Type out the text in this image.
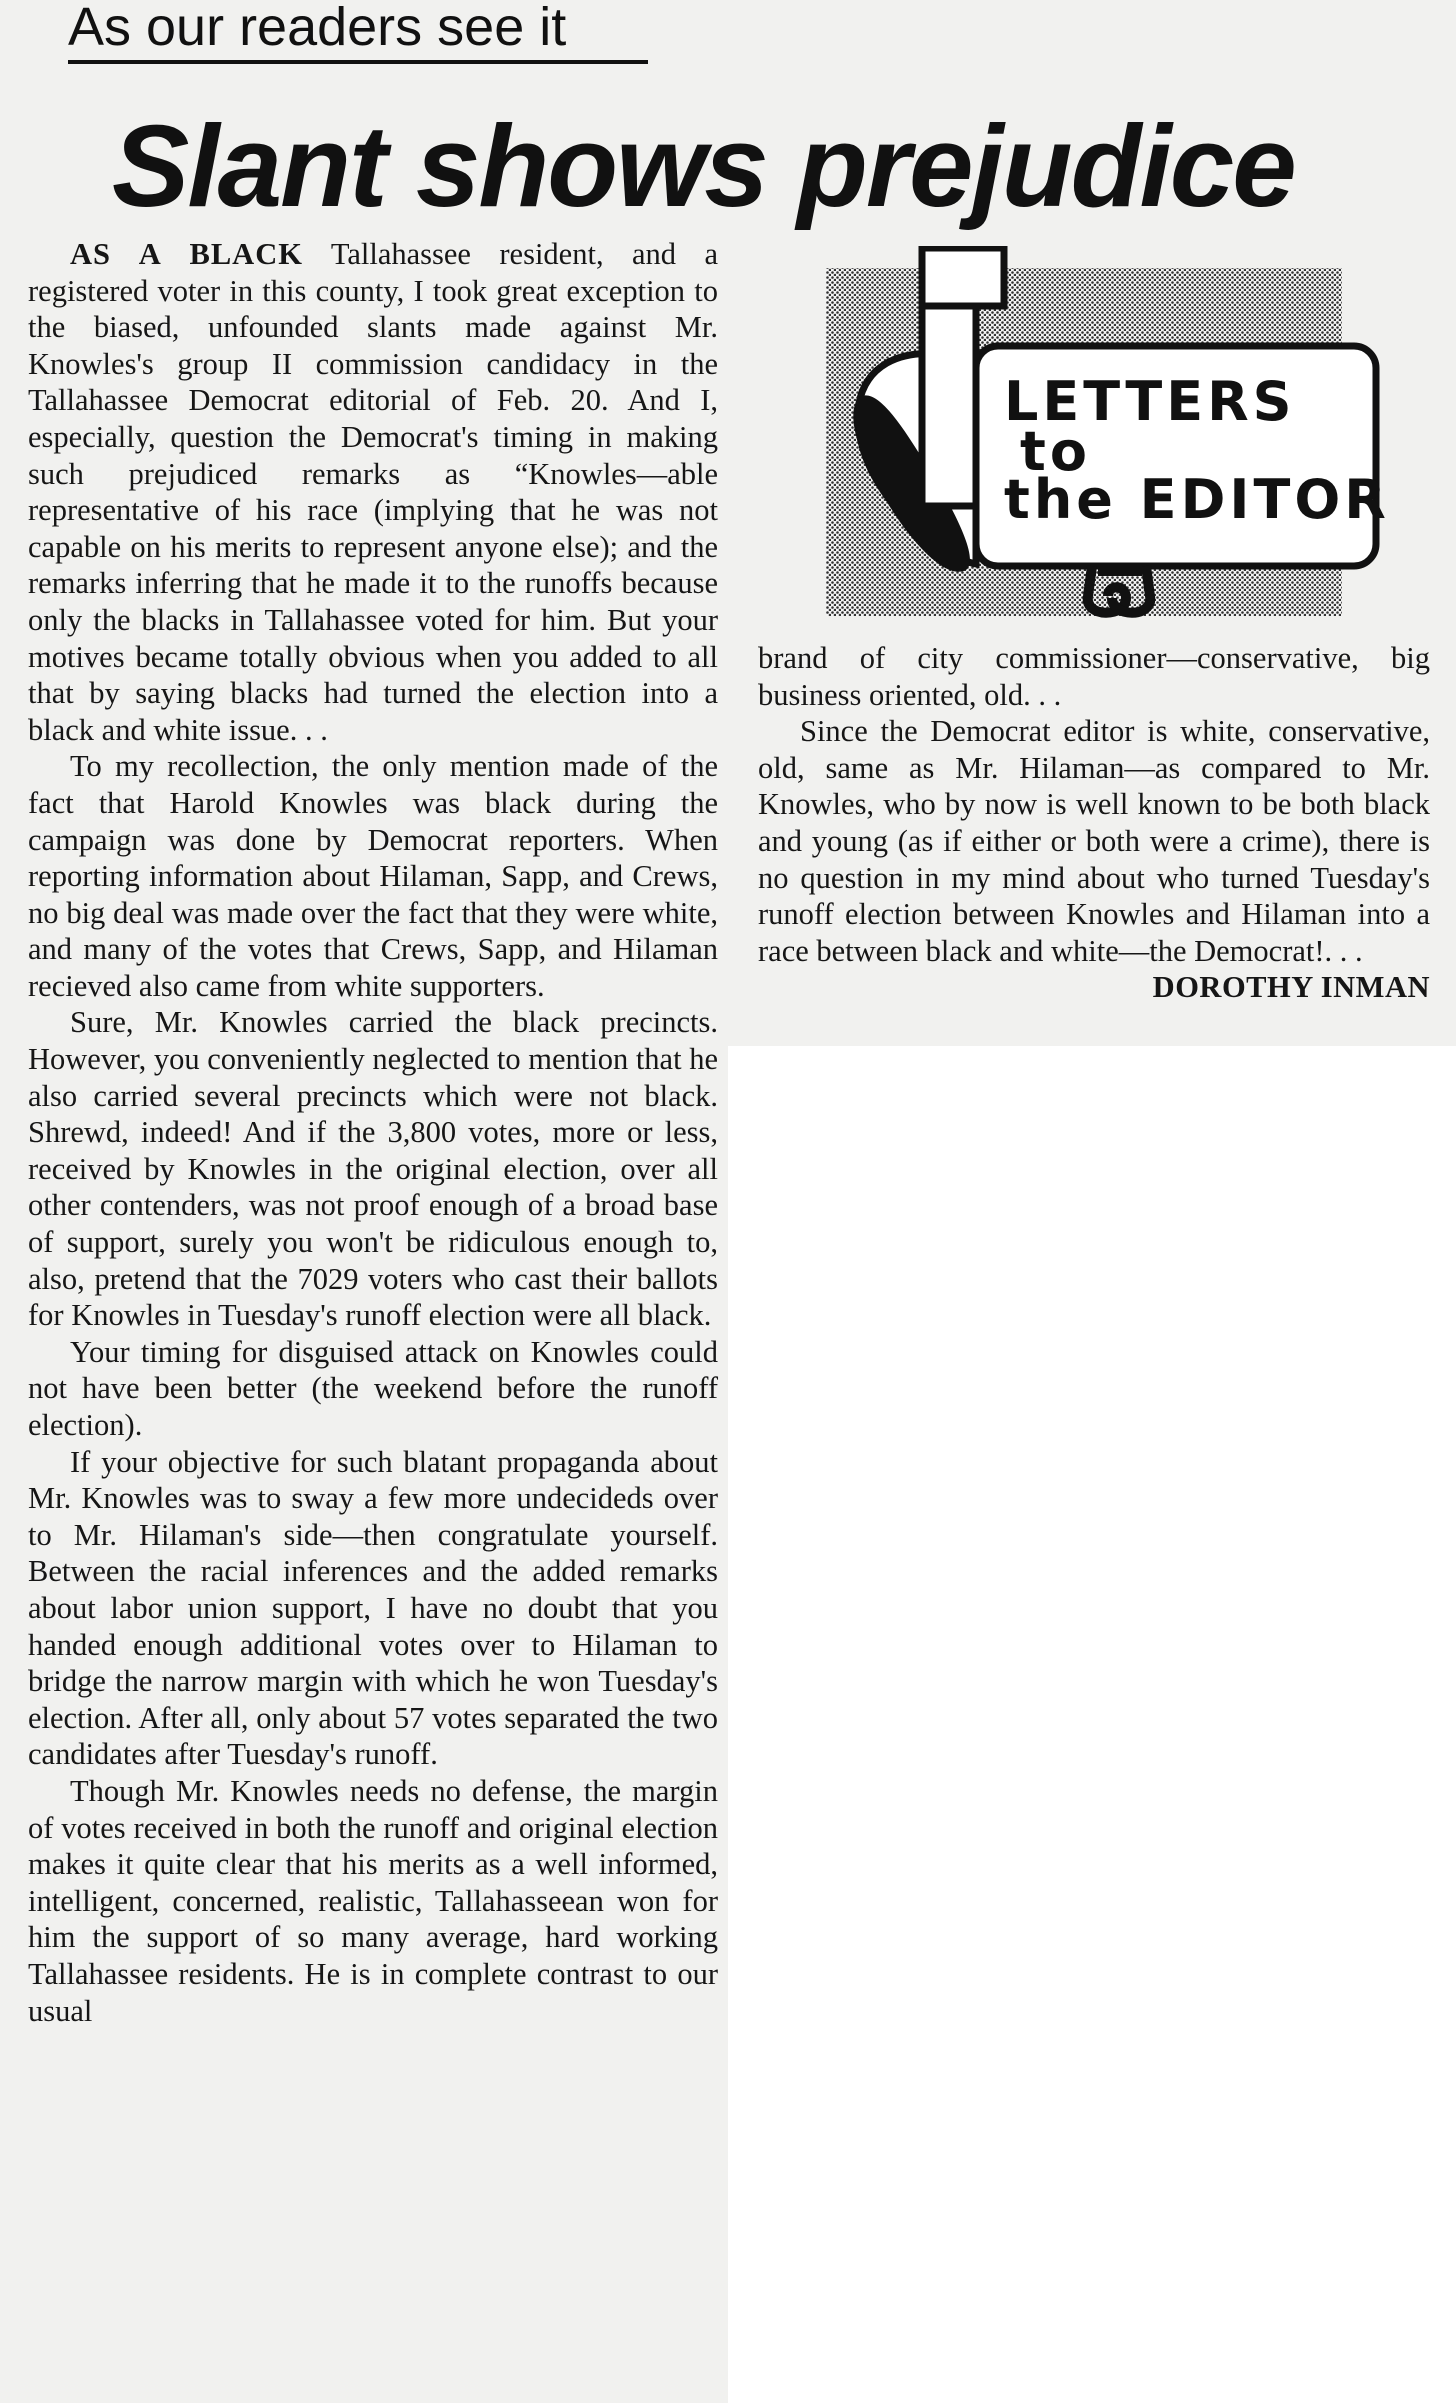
As our readers see it
Slant shows prejudice

AS A BLACK Tallahassee resident, and a registered voter in this county, I took great exception to the biased, unfounded slants made against Mr. Knowles's group II commission candidacy in the Tallahassee Democrat editorial of Feb. 20. And I, especially, question the Democrat's timing in making such prejudiced remarks as “Knowles—able representative of his race (implying that he was not capable on his merits to represent anyone else); and the remarks inferring that he made it to the runoffs because only the blacks in Tallahassee voted for him. But your motives became totally obvious when you added to all that by saying blacks had turned the election into a black and white issue. . .

To my recollection, the only mention made of the fact that Harold Knowles was black during the campaign was done by Democrat reporters. When reporting information about Hilaman, Sapp, and Crews, no big deal was made over the fact that they were white, and many of the votes that Crews, Sapp, and Hilaman recieved also came from white supporters.

Sure, Mr. Knowles carried the black precincts. However, you conveniently neglected to mention that he also carried several precincts which were not black. Shrewd, indeed! And if the 3,800 votes, more or less, received by Knowles in the original election, over all other contenders, was not proof enough of a broad base of support, surely you won't be ridiculous enough to, also, pretend that the 7029 voters who cast their ballots for Knowles in Tuesday's runoff election were all black.

Your timing for disguised attack on Knowles could not have been better (the weekend before the runoff election).

If your objective for such blatant propaganda about Mr. Knowles was to sway a few more undecideds over to Mr. Hilaman's side—then congratulate yourself. Between the racial inferences and the added remarks about labor union support, I have no doubt that you handed enough additional votes over to Hilaman to bridge the narrow margin with which he won Tuesday's election. After all, only about 57 votes separated the two candidates after Tuesday's runoff.

Though Mr. Knowles needs no defense, the margin of votes received in both the runoff and original election makes it quite clear that his merits as a well informed, intelligent, concerned, realistic, Tallahasseean won for him the support of so many average, hard working Tallahassee residents. He is in complete contrast to our usual

LETTERS
to
the EDITOR

brand of city commissioner—conservative, big business oriented, old. . .

Since the Democrat editor is white, conservative, old, same as Mr. Hilaman—as compared to Mr. Knowles, who by now is well known to be both black and young (as if either or both were a crime), there is no question in my mind about who turned Tuesday's runoff election between Knowles and Hilaman into a race between black and white—the Democrat!. . .

DOROTHY INMAN
